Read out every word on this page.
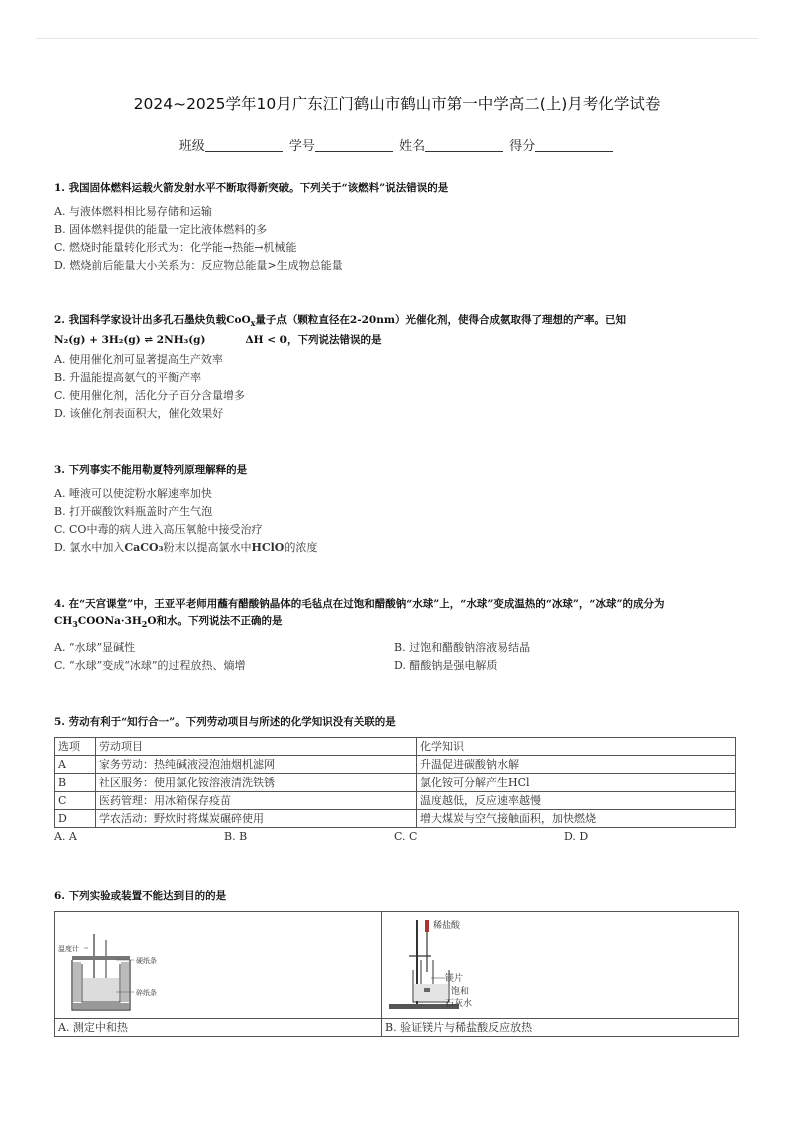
2024~2025学年10月广东江门鹤山市鹤山市第一中学高二(上)月考化学试卷
班级	学号	姓名	得分
1. 我国固体燃料运载火箭发射水平不断取得新突破。下列关于“该燃料”说法错误的是
A. 与液体燃料相比易存储和运输
B. 固体燃料提供的能量一定比液体燃料的多
C. 燃烧时能量转化形式为：化学能→热能→机械能
D. 燃烧前后能量大小关系为：反应物总能量>生成物总能量
2. 我国科学家设计出多孔石墨炔负载CoO$_x$量子点（颗粒直径在2-20nm）光催化剂，使得合成氨取得了理想的产率。已知
N₂(g) + 3H₂(g) ⇌ 2NH₃(g)	ΔH < 0，下列说法错误的是
A. 使用催化剂可显著提高生产效率
B. 升温能提高氨气的平衡产率
C. 使用催化剂，活化分子百分含量增多
D. 该催化剂表面积大，催化效果好
3. 下列事实不能用勒夏特列原理解释的是
A. 唾液可以使淀粉水解速率加快
B. 打开碳酸饮料瓶盖时产生气泡
C. CO中毒的病人进入高压氧舱中接受治疗
D. 氯水中加入CaCO₃粉末以提高氯水中HClO的浓度
4. 在“天宫课堂”中，王亚平老师用蘸有醋酸钠晶体的毛毡点在过饱和醋酸钠“水球”上，“水球”变成温热的“冰球”，“冰球”的成分为$CH_3COONa\cdot 3H_2O$和水。下列说法不正确的是
A. “水球”显碱性	B. 过饱和醋酸钠溶液易结晶
C. “水球”变成“冰球”的过程放热、熵增	D. 醋酸钠是强电解质
5. 劳动有利于“知行合一”。下列劳动项目与所述的化学知识没有关联的是
选项	劳动项目	化学知识
A	家务劳动：热纯碱液浸泡油烟机滤网	升温促进碳酸钠水解
B	社区服务：使用氯化铵溶液清洗铁锈	氯化铵可分解产生HCl
C	医药管理：用冰箱保存疫苗	温度越低，反应速率越慢
D	学农活动：野炊时将煤炭碾碎使用	增大煤炭与空气接触面积，加快燃烧
A. A	B. B	C. C	D. D
6. 下列实验或装置不能达到目的的是
温度计
硬纸条
碎纸条	稀盐酸
镁片
饱和
石灰水

A. 测定中和热	B. 验证镁片与稀盐酸反应放热
